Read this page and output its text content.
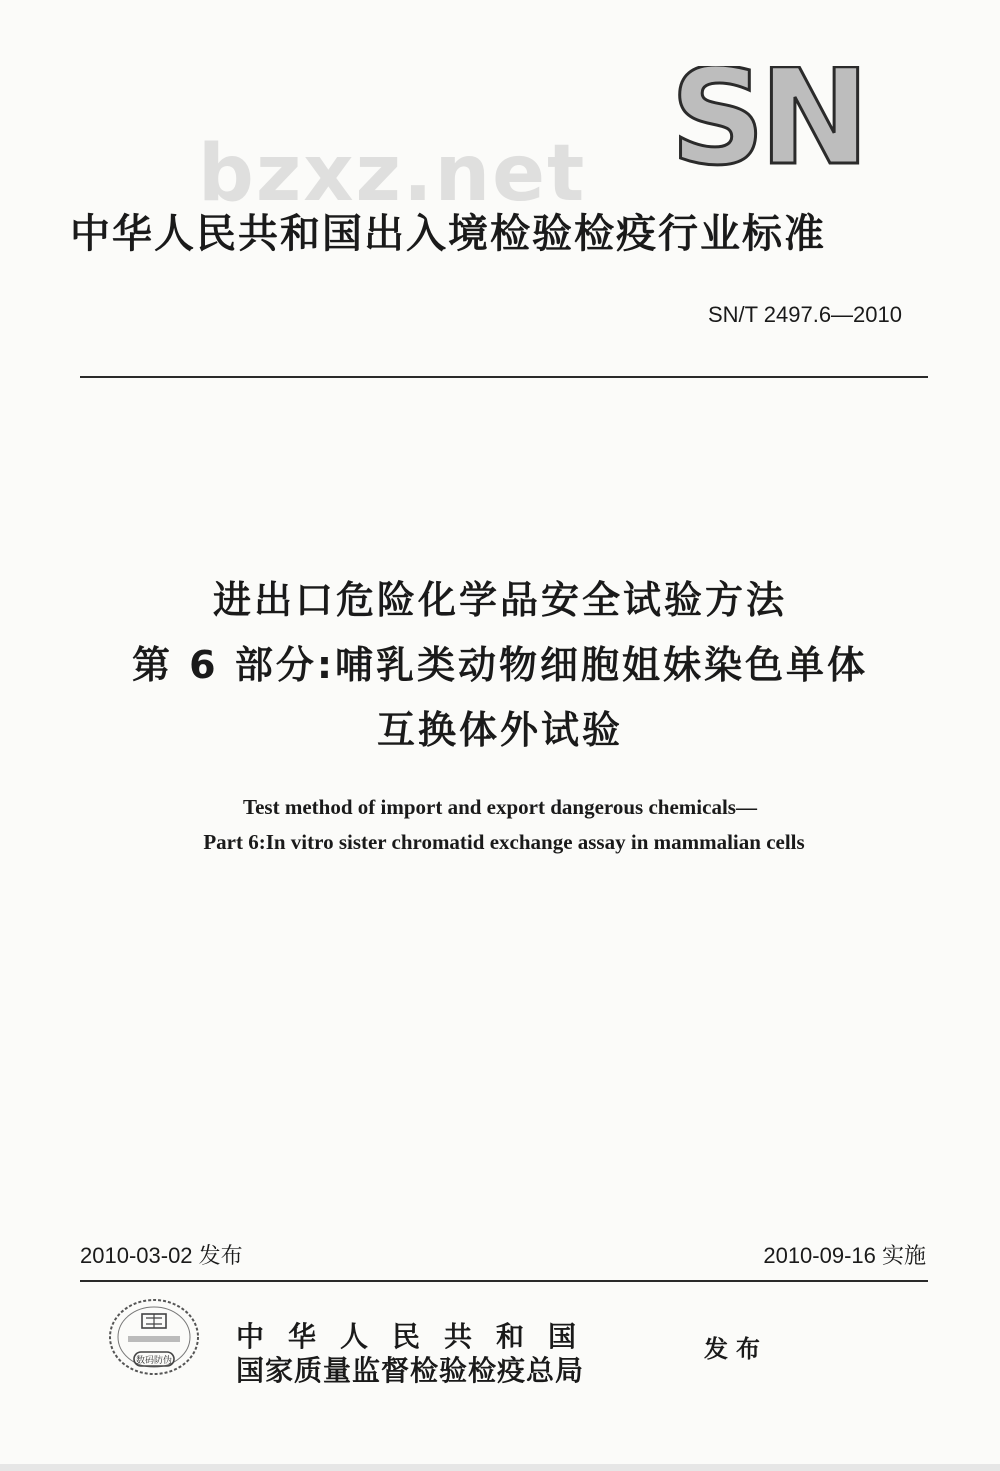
SN
bzxz.net
中华人民共和国出入境检验检疫行业标准
SN/T 2497.6—2010
进出口危险化学品安全试验方法
第 6 部分:哺乳类动物细胞姐妹染色单体
互换体外试验
Test method of import and export dangerous chemicals—
Part 6:In vitro sister chromatid exchange assay in mammalian cells
2010-03-02 发布	2010-09-16 实施
数码防伪
中华人民共和国
国家质量监督检验检疫总局
发布
